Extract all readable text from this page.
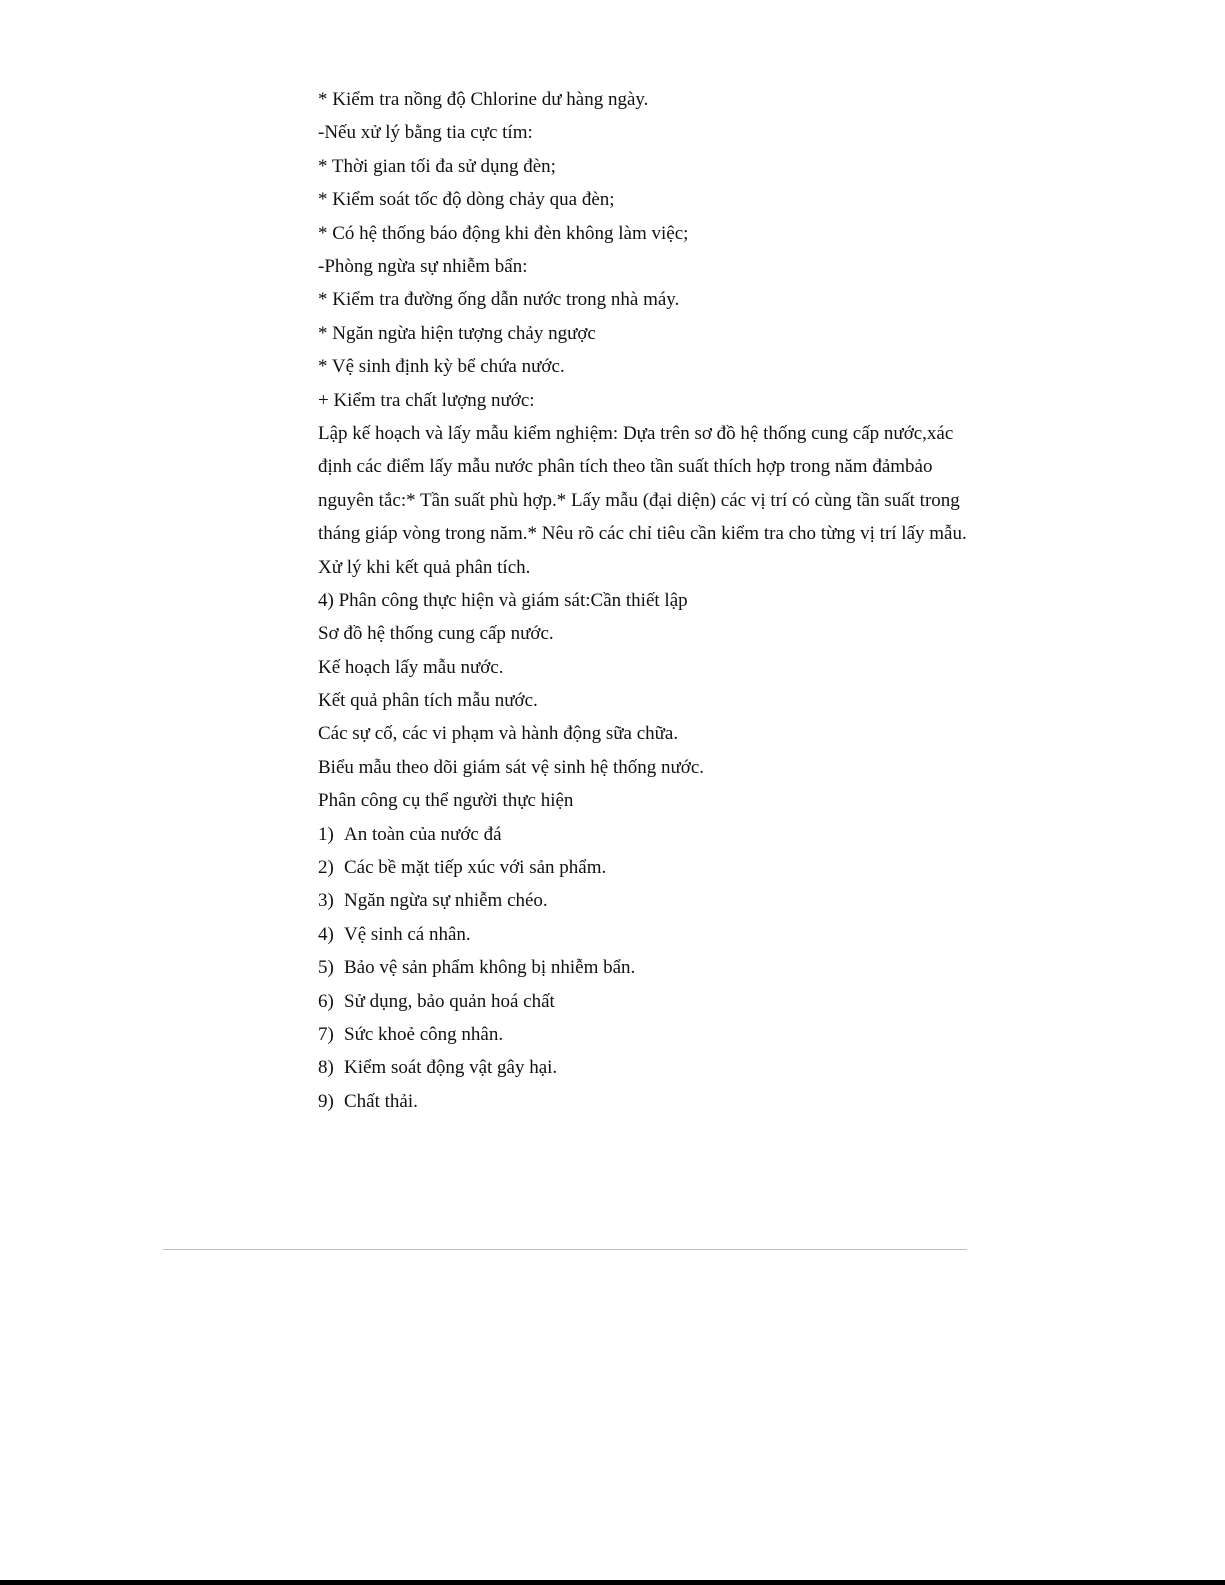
* Kiểm tra nồng độ Chlorine dư hàng ngày.
-Nếu xử lý bằng tia cực tím:
* Thời gian tối đa sử dụng đèn;
* Kiểm soát tốc độ dòng chảy qua đèn;
* Có hệ thống báo động khi đèn không làm việc;
-Phòng ngừa sự nhiễm bẩn:
* Kiểm tra đường ống dẫn nước trong nhà máy.
* Ngăn ngừa hiện tượng chảy ngược
* Vệ sinh định kỳ bể chứa nước.
+ Kiểm tra chất lượng nước:
Lập kế hoạch và lấy mẫu kiểm nghiệm: Dựa trên sơ đồ hệ thống cung cấp nước,xác định các điểm lấy mẫu nước phân tích theo tần suất thích hợp trong năm đảmbảo nguyên tắc:* Tần suất phù hợp.* Lấy mẫu (đại diện) các vị trí có cùng tần suất trong tháng giáp vòng trong năm.* Nêu rõ các chỉ tiêu cần kiểm tra cho từng vị trí lấy mẫu.
Xử lý khi kết quả phân tích.
4) Phân công thực hiện và giám sát:Cần thiết lập
Sơ đồ hệ thống cung cấp nước.
Kế hoạch lấy mẫu nước.
Kết quả phân tích mẫu nước.
Các sự cố, các vi phạm và hành động sữa chữa.
Biểu mẫu theo dõi giám sát vệ sinh hệ thống nước.
Phân công cụ thể người thực hiện
1) An toàn của nước đá
2) Các bề mặt tiếp xúc với sản phẩm.
3) Ngăn ngừa sự nhiễm chéo.
4) Vệ sinh cá nhân.
5) Bảo vệ sản phẩm không bị nhiễm bẩn.
6) Sử dụng, bảo quản hoá chất
7) Sức khoẻ công nhân.
8) Kiểm soát động vật gây hại.
9) Chất thải.
